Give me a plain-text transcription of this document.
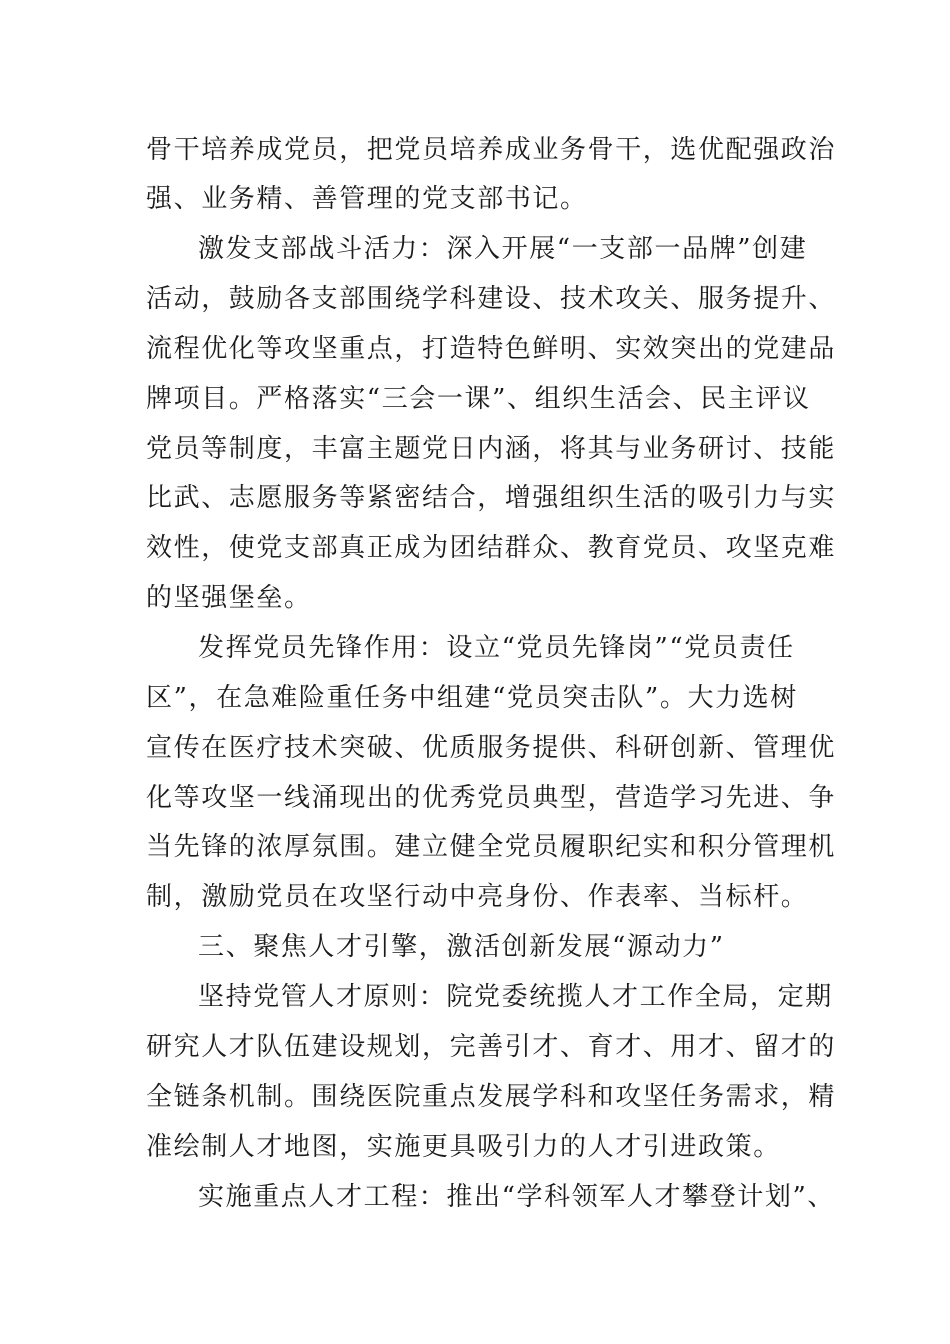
骨干培养成党员，把党员培养成业务骨干，选优配强政治
强、业务精、善管理的党支部书记。
激发支部战斗活力：深入开展“一支部一品牌”创建
活动，鼓励各支部围绕学科建设、技术攻关、服务提升、
流程优化等攻坚重点，打造特色鲜明、实效突出的党建品
牌项目。严格落实“三会一课”、组织生活会、民主评议
党员等制度，丰富主题党日内涵，将其与业务研讨、技能
比武、志愿服务等紧密结合，增强组织生活的吸引力与实
效性，使党支部真正成为团结群众、教育党员、攻坚克难
的坚强堡垒。
发挥党员先锋作用：设立“党员先锋岗”“党员责任
区”，在急难险重任务中组建“党员突击队”。大力选树
宣传在医疗技术突破、优质服务提供、科研创新、管理优
化等攻坚一线涌现出的优秀党员典型，营造学习先进、争
当先锋的浓厚氛围。建立健全党员履职纪实和积分管理机
制，激励党员在攻坚行动中亮身份、作表率、当标杆。
三、聚焦人才引擎，激活创新发展“源动力”
坚持党管人才原则：院党委统揽人才工作全局，定期
研究人才队伍建设规划，完善引才、育才、用才、留才的
全链条机制。围绕医院重点发展学科和攻坚任务需求，精
准绘制人才地图，实施更具吸引力的人才引进政策。
实施重点人才工程：推出“学科领军人才攀登计划”、
